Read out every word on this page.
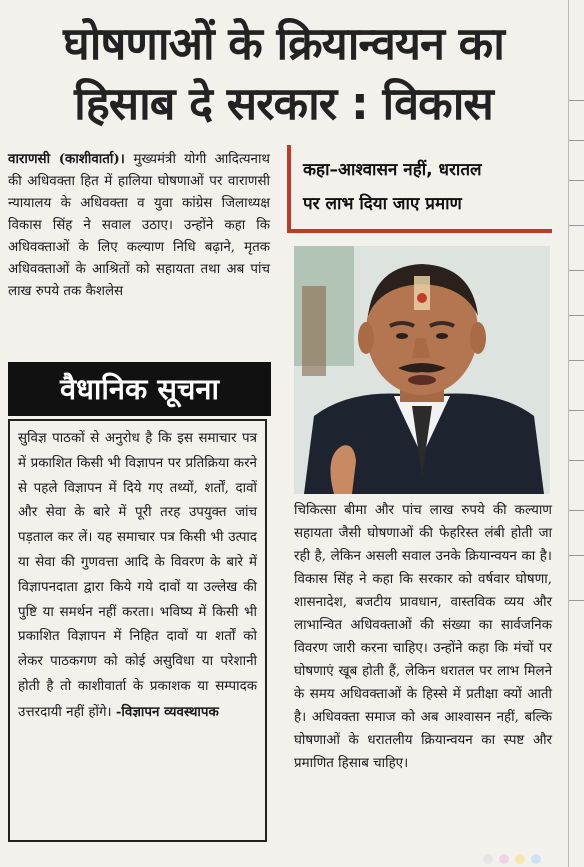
घोषणाओं के क्रियान्वयन का
हिसाब दे सरकार : विकास
वाराणसी (काशीवार्ता)। मुख्यमंत्री योगी आदित्यनाथ की अधिवक्ता हित में हालिया घोषणाओं पर वाराणसी न्यायालय के अधिवक्ता व युवा कांग्रेस जिलाध्यक्ष विकास सिंह ने सवाल उठाए। उन्होंने कहा कि अधिवक्ताओं के लिए कल्याण निधि बढ़ाने, मृतक अधिवक्ताओं के आश्रितों को सहायता तथा अब पांच लाख रुपये तक कैशलेस
वैधानिक सूचना
सुविज्ञ पाठकों से अनुरोध है कि इस समाचार पत्र में प्रकाशित किसी भी विज्ञापन पर प्रतिक्रिया करने से पहले विज्ञापन में दिये गए तथ्यों, शर्तों, दावों और सेवा के बारे में पूरी तरह उपयुक्त जांच पड़ताल कर लें। यह समाचार पत्र किसी भी उत्पाद या सेवा की गुणवत्ता आदि के विवरण के बारे में विज्ञापनदाता द्वारा किये गये दावों या उल्लेख की पुष्टि या समर्थन नहीं करता। भविष्य में किसी भी प्रकाशित विज्ञापन में निहित दावों या शर्तों को लेकर पाठकगण को कोई असुविधा या परेशानी होती है तो काशीवार्ता के प्रकाशक या सम्पादक उत्तरदायी नहीं होंगे। -विज्ञापन व्यवस्थापक
कहा–आश्वासन नहीं, धरातल
पर लाभ दिया जाए प्रमाण
चिकित्सा बीमा और पांच लाख रुपये की कल्याण सहायता जैसी घोषणाओं की फेहरिस्त लंबी होती जा रही है, लेकिन असली सवाल उनके क्रियान्वयन का है। विकास सिंह ने कहा कि सरकार को वर्षवार घोषणा, शासनादेश, बजटीय प्रावधान, वास्तविक व्यय और लाभान्वित अधिवक्ताओं की संख्या का सार्वजनिक विवरण जारी करना चाहिए। उन्होंने कहा कि मंचों पर घोषणाएं खूब होती हैं, लेकिन धरातल पर लाभ मिलने के समय अधिवक्ताओं के हिस्से में प्रतीक्षा क्यों आती है। अधिवक्ता समाज को अब आश्वासन नहीं, बल्कि घोषणाओं के धरातलीय क्रियान्वयन का स्पष्ट और प्रमाणित हिसाब चाहिए।
